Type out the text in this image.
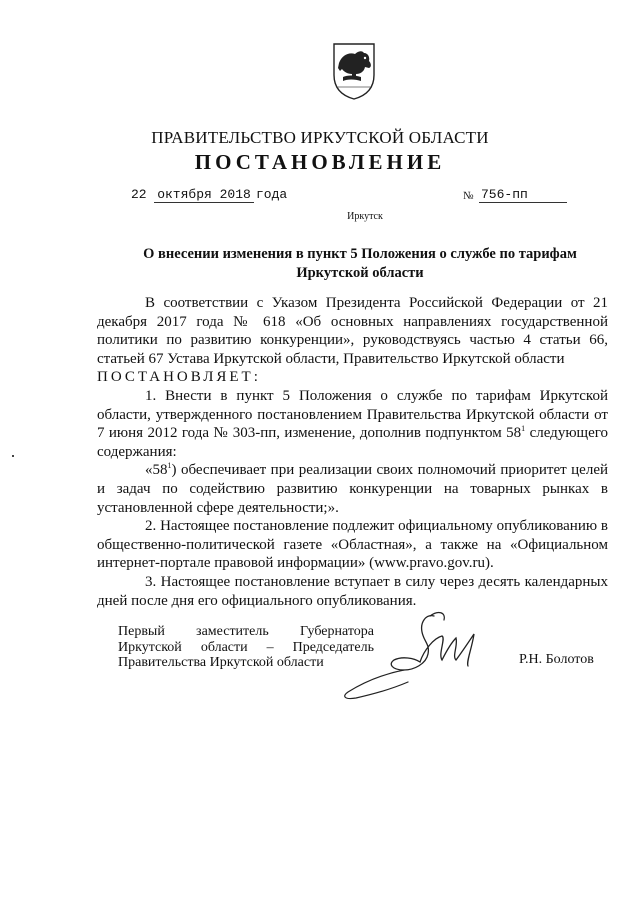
ПРАВИТЕЛЬСТВО ИРКУТСКОЙ ОБЛАСТИ
ПОСТАНОВЛЕНИЕ
22 октября 2018 года	№ 756-пп
Иркутск
О внесении изменения в пункт 5 Положения о службе по тарифам
Иркутской области

В соответствии с Указом Президента Российской Федерации от 21 декабря 2017 года № 618 «Об основных направлениях государственной политики по развитию конкуренции», руководствуясь частью 4 статьи 66, статьей 67 Устава Иркутской области, Правительство Иркутской области

ПОСТАНОВЛЯЕТ:

1. Внести в пункт 5 Положения о службе по тарифам Иркутской области, утвержденного постановлением Правительства Иркутской области от 7 июня 2012 года № 303-пп, изменение, дополнив подпунктом $58^1$ следующего содержания:

«$58^1$) обеспечивает при реализации своих полномочий приоритет целей и задач по содействию развитию конкуренции на товарных рынках в установленной сфере деятельности;».

2. Настоящее постановление подлежит официальному опубликованию в общественно-политической газете «Областная», а также на «Официальном интернет-портале правовой информации» (www.pravo.gov.ru).

3. Настоящее постановление вступает в силу через десять календарных дней после дня его официального опубликования.

Первый заместитель Губернатора
Иркутской области – Председатель
Правительства Иркутской области	Р.Н. Болотов
